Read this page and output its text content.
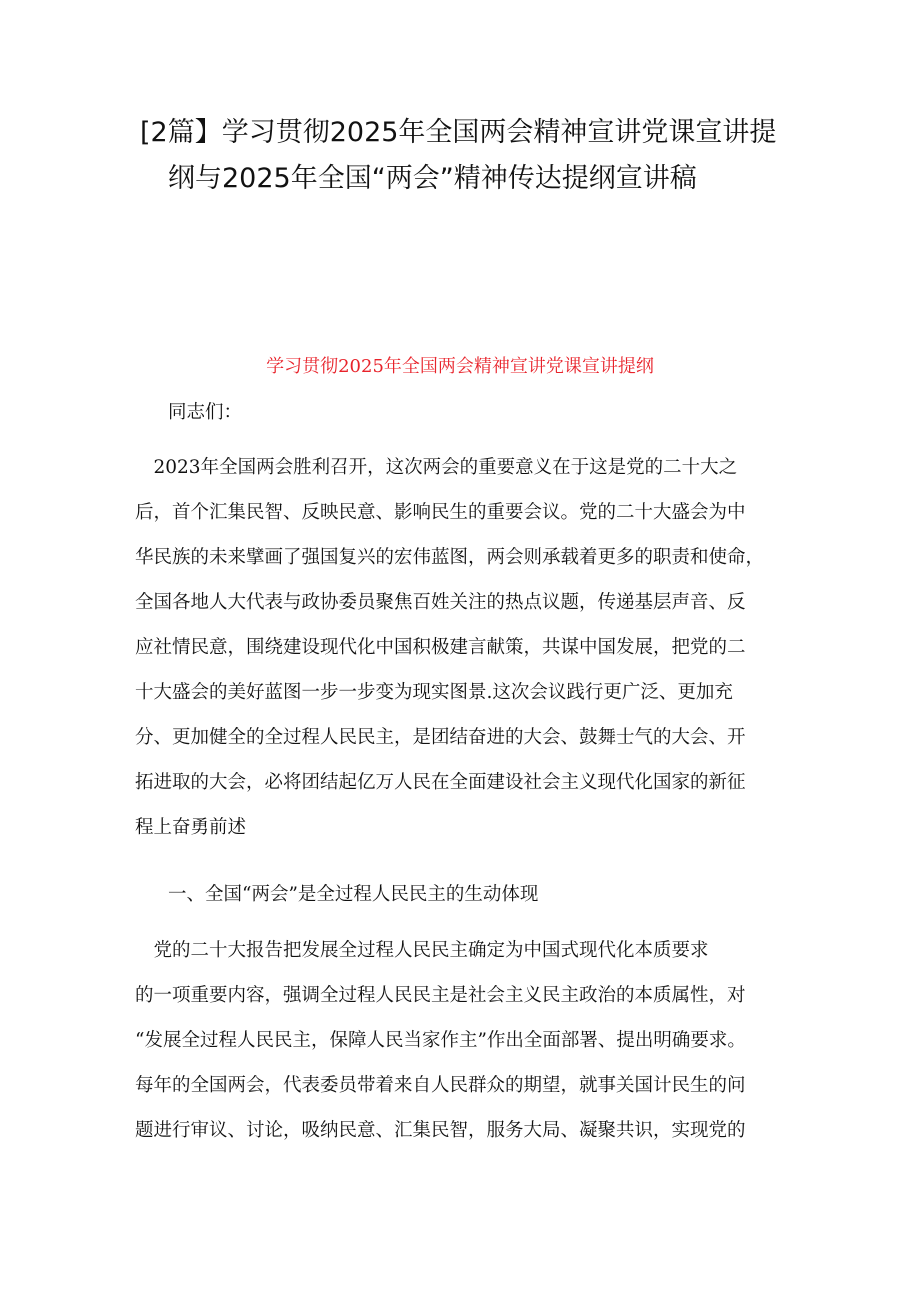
[2篇】学习贯彻2025年全国两会精神宣讲党课宣讲提
纲与2025年全国“两会”精神传达提纲宣讲稿
学习贯彻2025年全国两会精神宣讲党课宣讲提纲

同志们：

　2023年全国两会胜利召开，这次两会的重要意义在于这是党的二十大之
后，首个汇集民智、反映民意、影响民生的重要会议。党的二十大盛会为中
华民族的未来擘画了强国复兴的宏伟蓝图，两会则承载着更多的职责和使命，
全国各地人大代表与政协委员聚焦百姓关注的热点议题，传递基层声音、反
应社情民意，围绕建设现代化中国积极建言献策，共谋中国发展，把党的二
十大盛会的美好蓝图一步一步变为现实图景.这次会议践行更广泛、更加充
分、更加健全的全过程人民民主，是团结奋进的大会、鼓舞士气的大会、开
拓进取的大会，必将团结起亿万人民在全面建设社会主义现代化国家的新征
程上奋勇前述

一、全国“两会”是全过程人民民主的生动体现

　党的二十大报告把发展全过程人民民主确定为中国式现代化本质要求
的一项重要内容，强调全过程人民民主是社会主义民主政治的本质属性，对
“发展全过程人民民主，保障人民当家作主”作出全面部署、提出明确要求。
每年的全国两会，代表委员带着来自人民群众的期望，就事关国计民生的问
题进行审议、讨论，吸纳民意、汇集民智，服务大局、凝聚共识，实现党的
